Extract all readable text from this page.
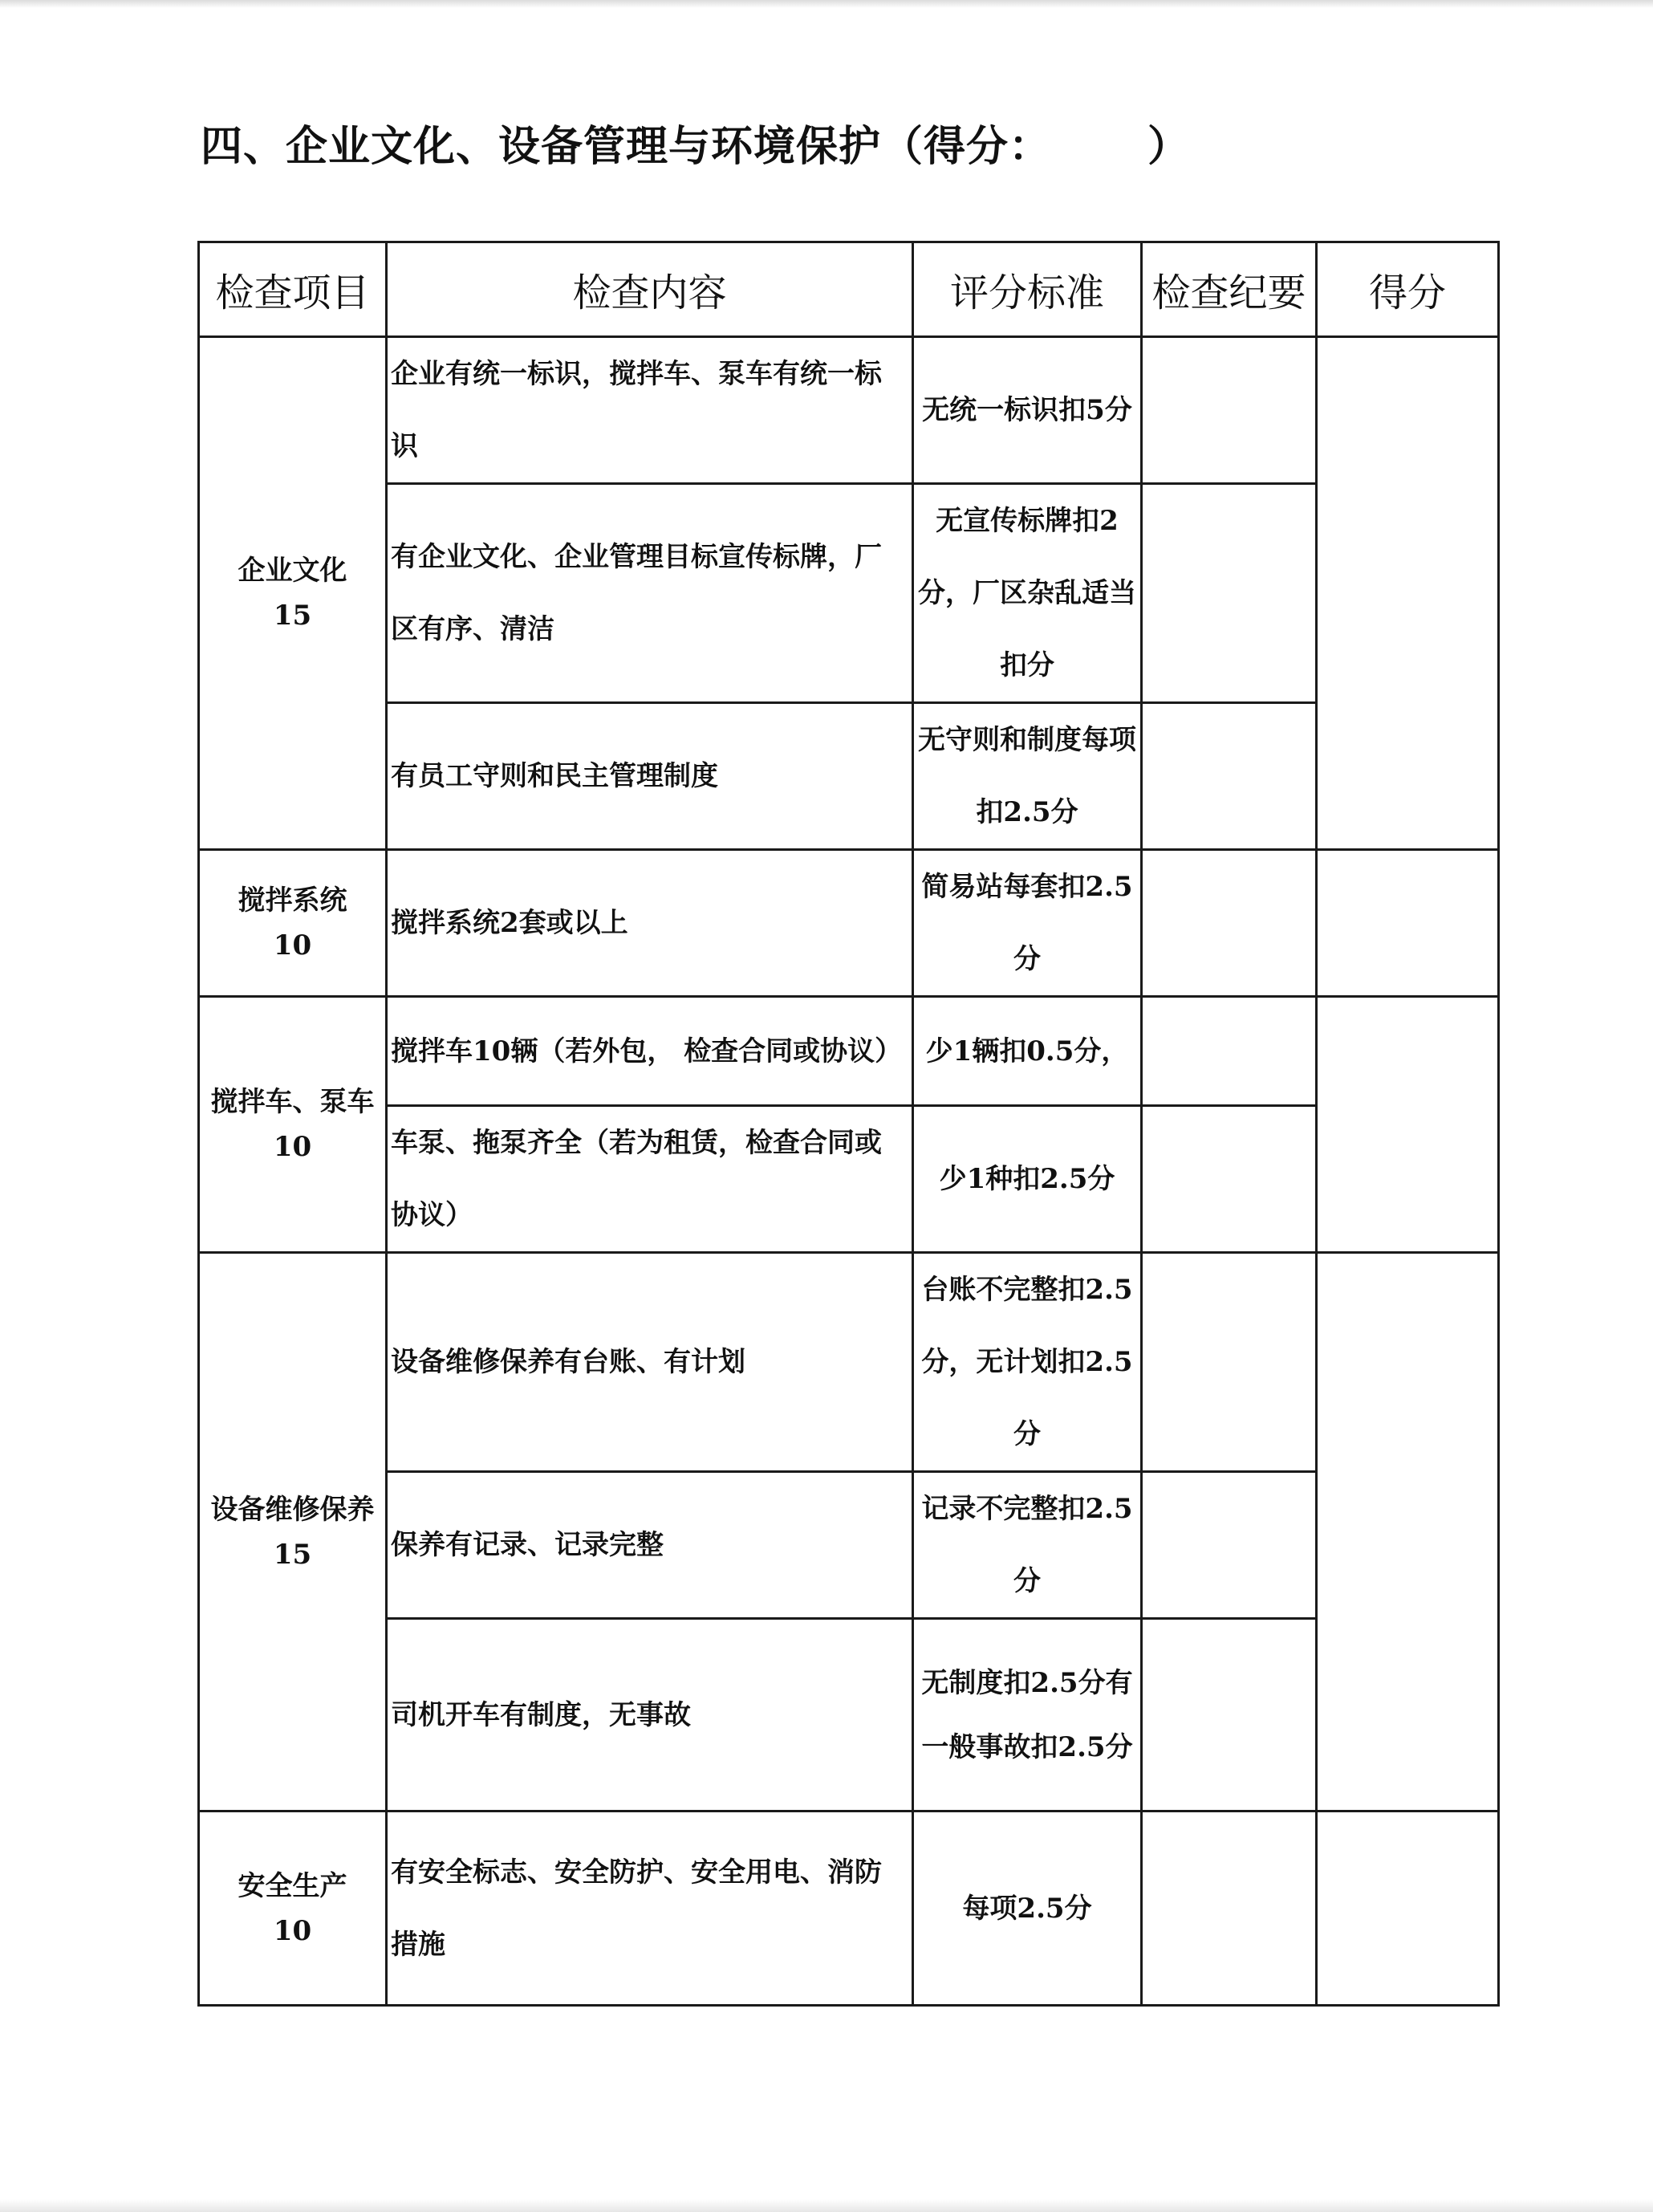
四、企业文化、设备管理与环境保护（得分： ）
检查项目	检查内容	评分标准	检查纪要	得分

企业文化
15	企业有统一标识，搅拌车、泵车有统一标识	无统一标识扣5分		
	有企业文化、企业管理目标宣传标牌，厂区有序、清洁	无宣传标牌扣2分，厂区杂乱适当扣分		
	有员工守则和民主管理制度	无守则和制度每项扣2.5分		

搅拌系统
10	搅拌系统2套或以上	简易站每套扣2.5分		

搅拌车、泵车
10	搅拌车10辆（若外包， 检查合同或协议）	少1辆扣0.5分，		
	车泵、拖泵齐全（若为租赁，检查合同或协议）	少1种扣2.5分		

设备维修保养
15	设备维修保养有台账、有计划	台账不完整扣2.5分，无计划扣2.5分		
	保养有记录、记录完整	记录不完整扣2.5分		
	司机开车有制度，无事故	无制度扣2.5分有一般事故扣2.5分		

安全生产
10	有安全标志、安全防护、安全用电、消防措施	每项2.5分		
